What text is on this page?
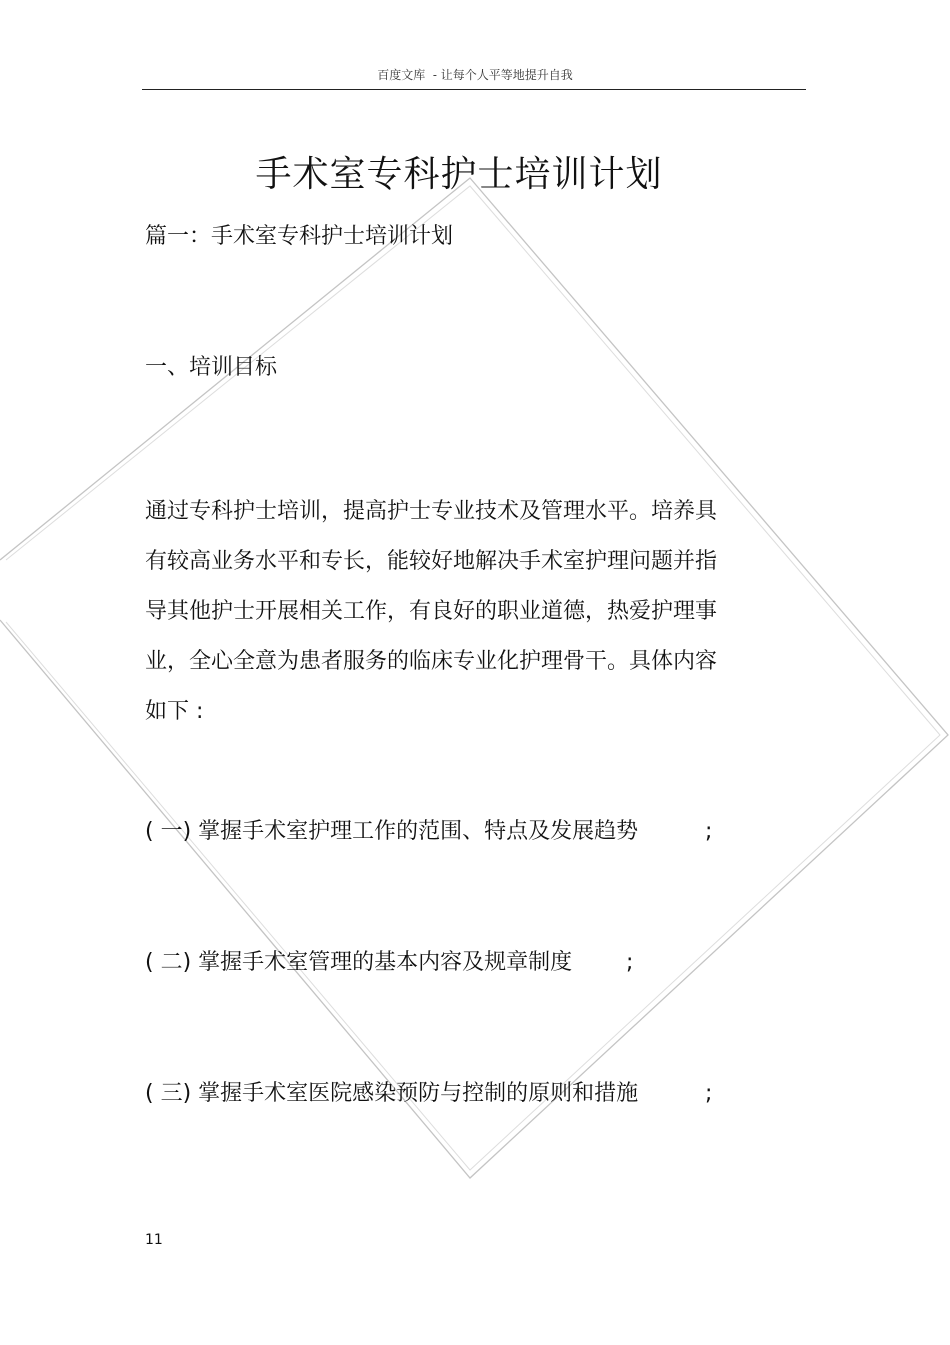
百度文库  - 让每个人平等地提升自我
手术室专科护士培训计划
篇一：手术室专科护士培训计划
一、培训目标
通过专科护士培训，提高护士专业技术及管理水平。培养具
有较高业务水平和专长，能较好地解决手术室护理问题并指
导其他护士开展相关工作，有良好的职业道德，热爱护理事
业，全心全意为患者服务的临床专业化护理骨干。具体内容
如下 :
( 一) 掌握手术室护理工作的范围、特点及发展趋势	;
( 二) 掌握手术室管理的基本内容及规章制度 ;
( 三) 掌握手术室医院感染预防与控制的原则和措施	;
11
